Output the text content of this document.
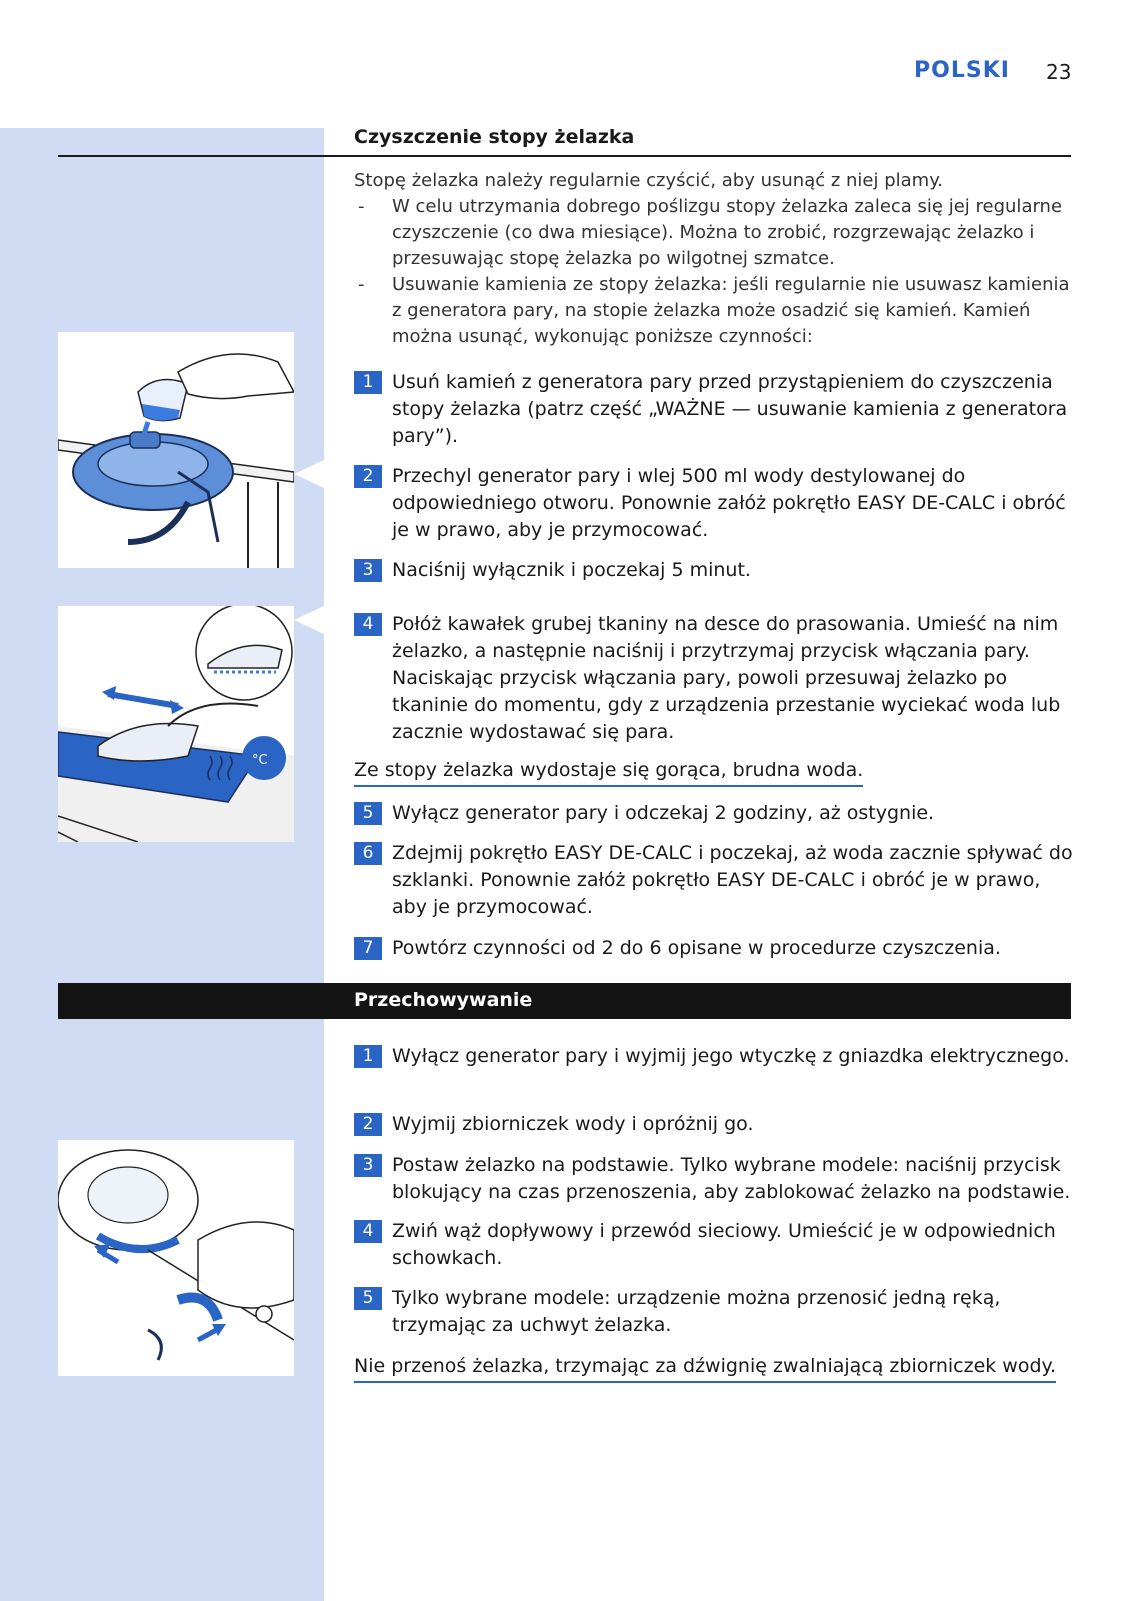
POLSKI 23
Czyszczenie stopy żelazka
Stopę żelazka należy regularnie czyścić, aby usunąć z niej plamy.
- W celu utrzymania dobrego poślizgu stopy żelazka zaleca się jej regularne czyszczenie (co dwa miesiące). Można to zrobić, rozgrzewając żelazko i przesuwając stopę żelazka po wilgotnej szmatce.
- Usuwanie kamienia ze stopy żelazka: jeśli regularnie nie usuwasz kamienia z generatora pary, na stopie żelazka może osadzić się kamień. Kamień można usunąć, wykonując poniższe czynności:
°C
1 Usuń kamień z generatora pary przed przystąpieniem do czyszczenia stopy żelazka (patrz część „WAŻNE — usuwanie kamienia z generatora pary”).
2 Przechyl generator pary i wlej 500 ml wody destylowanej do odpowiedniego otworu. Ponownie załóż pokrętło EASY DE-CALC i obróć je w prawo, aby je przymocować.
3 Naciśnij wyłącznik i poczekaj 5 minut.
4 Połóż kawałek grubej tkaniny na desce do prasowania. Umieść na nim żelazko, a następnie naciśnij i przytrzymaj przycisk włączania pary. Naciskając przycisk włączania pary, powoli przesuwaj żelazko po tkaninie do momentu, gdy z urządzenia przestanie wyciekać woda lub zacznie wydostawać się para.
Ze stopy żelazka wydostaje się gorąca, brudna woda.
5 Wyłącz generator pary i odczekaj 2 godziny, aż ostygnie.
6 Zdejmij pokrętło EASY DE-CALC i poczekaj, aż woda zacznie spływać do szklanki. Ponownie załóż pokrętło EASY DE-CALC i obróć je w prawo, aby je przymocować.
7 Powtórz czynności od 2 do 6 opisane w procedurze czyszczenia.
Przechowywanie
1 Wyłącz generator pary i wyjmij jego wtyczkę z gniazdka elektrycznego.
2 Wyjmij zbiorniczek wody i opróżnij go.
3 Postaw żelazko na podstawie. Tylko wybrane modele: naciśnij przycisk blokujący na czas przenoszenia, aby zablokować żelazko na podstawie.
4 Zwiń wąż dopływowy i przewód sieciowy. Umieścić je w odpowiednich schowkach.
5 Tylko wybrane modele: urządzenie można przenosić jedną ręką, trzymając za uchwyt żelazka.
Nie przenoś żelazka, trzymając za dźwignię zwalniającą zbiorniczek wody.
